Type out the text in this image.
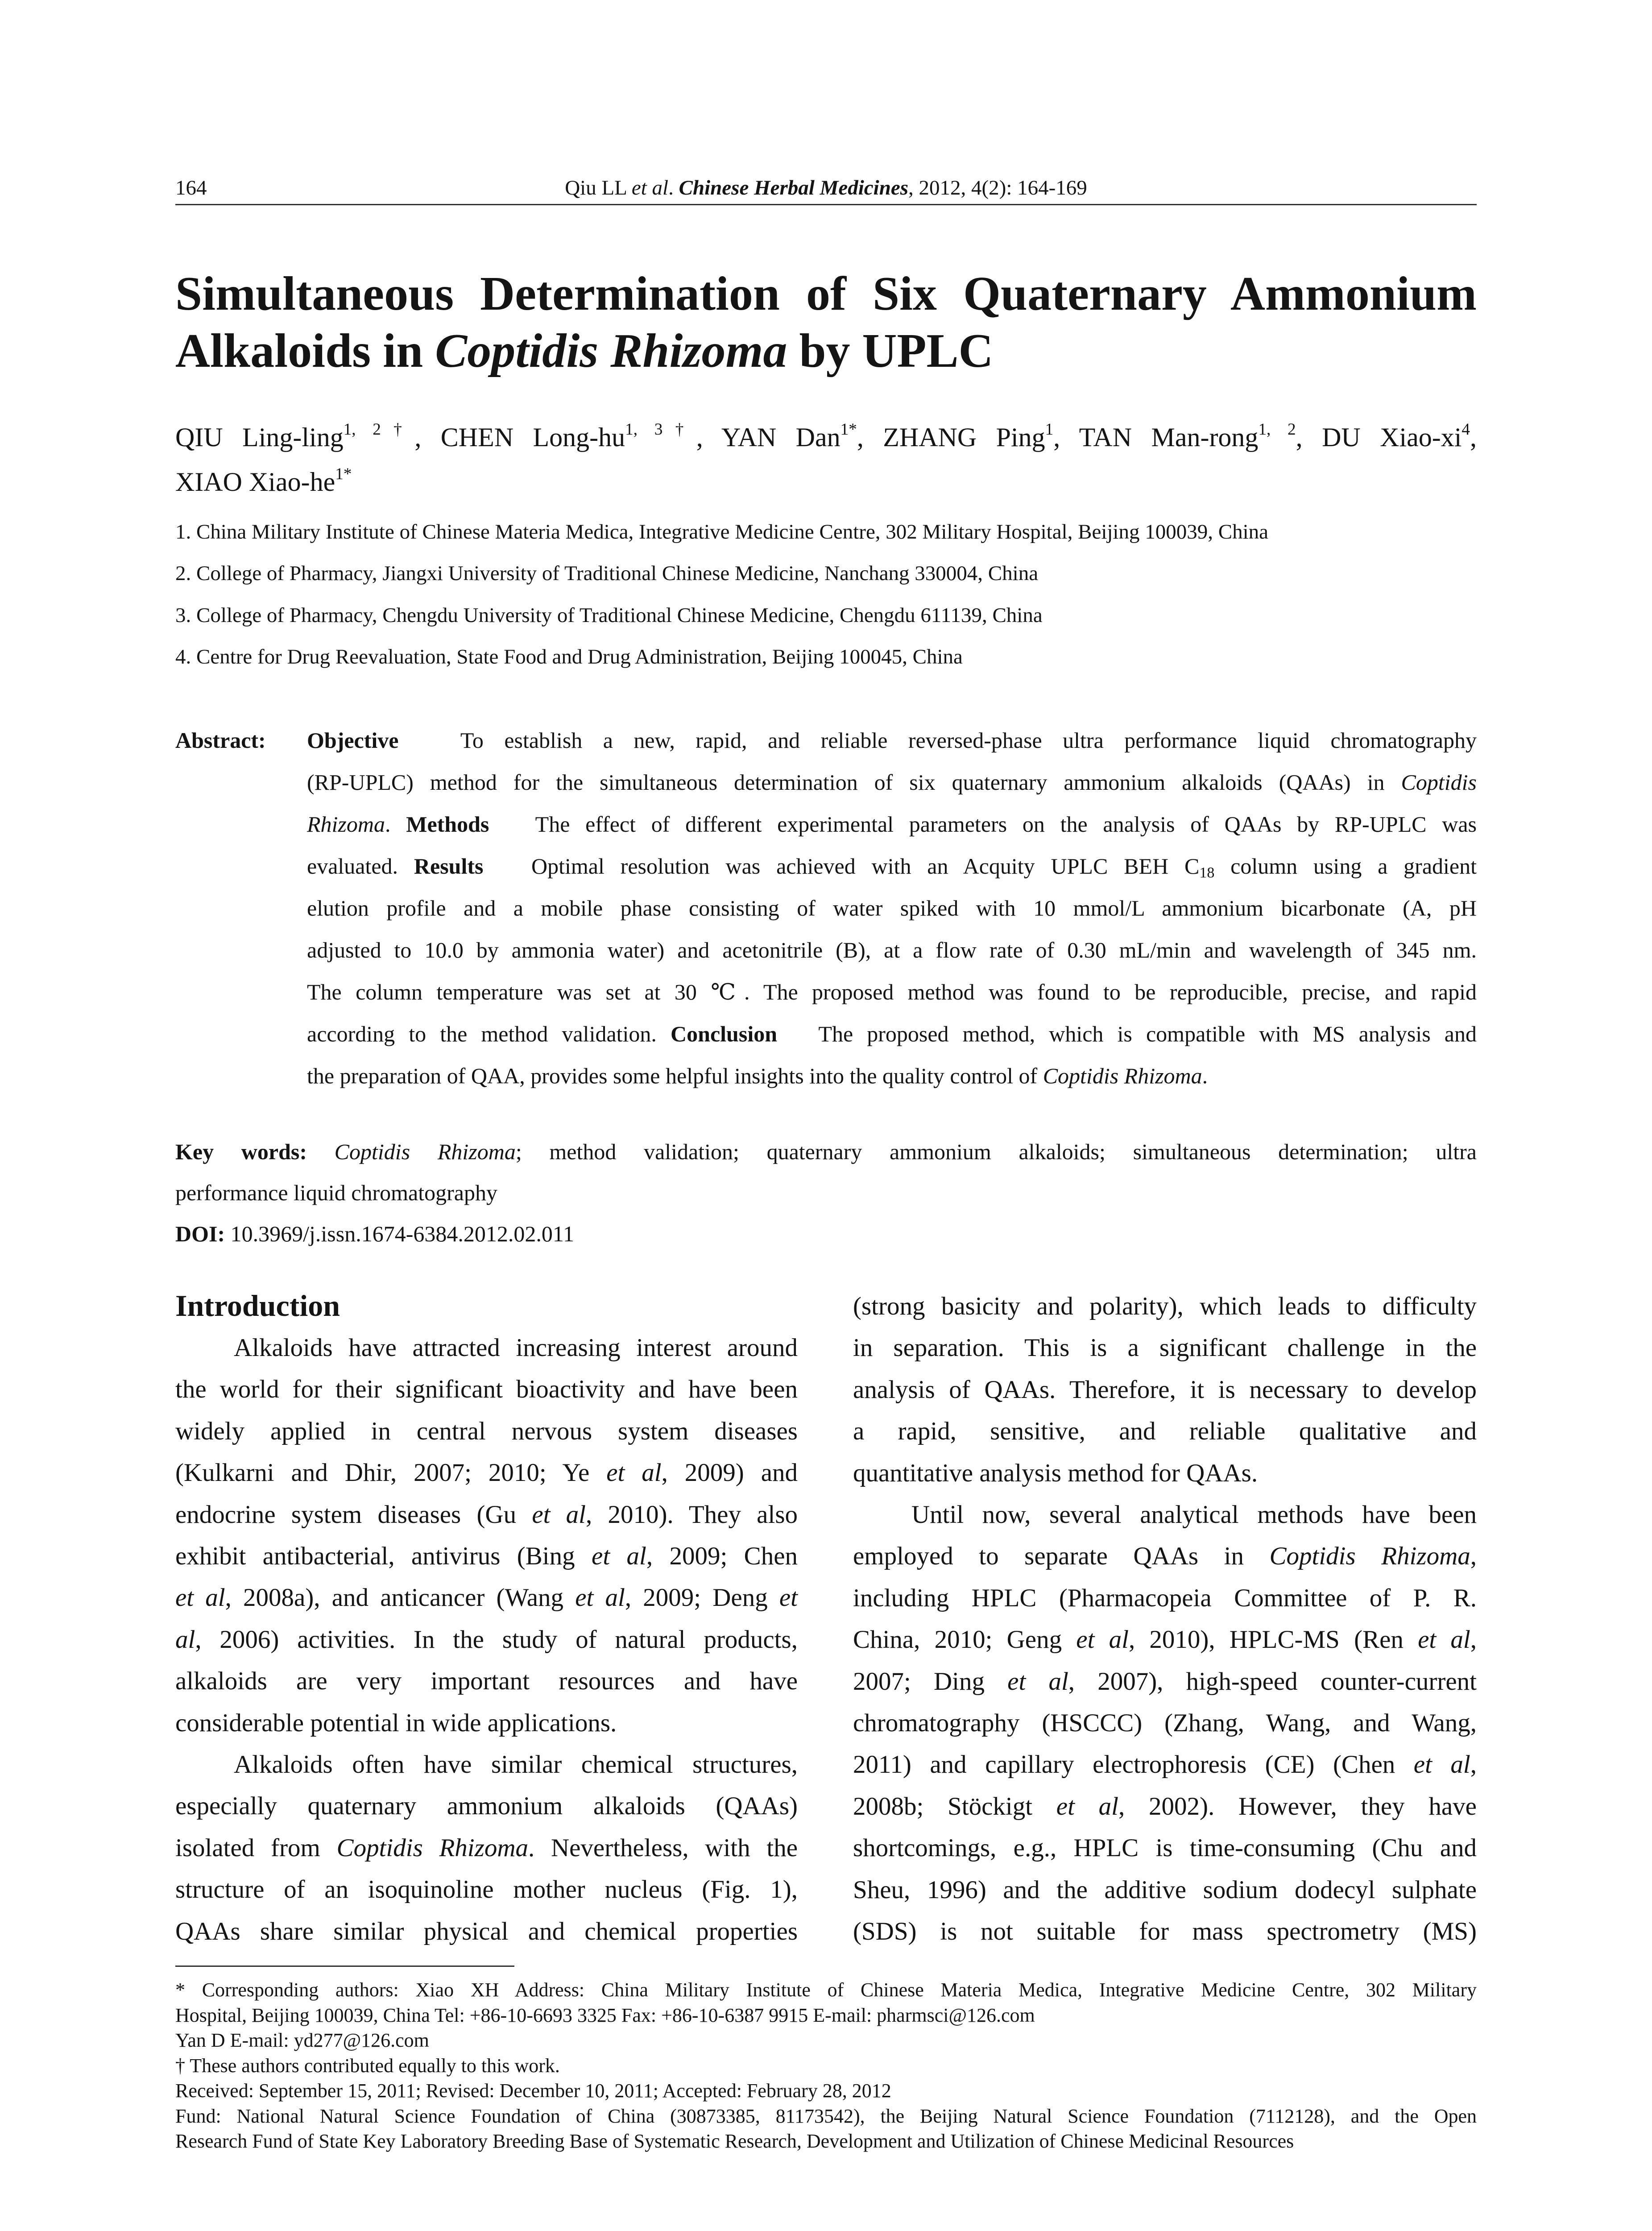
164	Qiu LL et al. Chinese Herbal Medicines, 2012, 4(2): 164-169
Simultaneous Determination of Six Quaternary Ammonium
Alkaloids in Coptidis Rhizoma by UPLC
QIU Ling-ling$^{1, 2\dagger}$, CHEN Long-$hu^{1, 3\dagger}$, YAN Dan$^{1*}$, ZHANG Ping$^1$, TAN Man-rong$^{1, 2}$, DU Xiao-$xi^4$,
XIAO Xiao-$he^{1*}$
1. China Military Institute of Chinese Materia Medica, Integrative Medicine Centre, 302 Military Hospital, Beijing 100039, China
2. College of Pharmacy, Jiangxi University of Traditional Chinese Medicine, Nanchang 330004, China
3. College of Pharmacy, Chengdu University of Traditional Chinese Medicine, Chengdu 611139, China
4. Centre for Drug Reevaluation, State Food and Drug Administration, Beijing 100045, China
Abstract: Objective	To establish a new, rapid, and reliable reversed-phase ultra performance liquid chromatography
(RP-UPLC) method for the simultaneous determination of six quaternary ammonium alkaloids (QAAs) in Coptidis
Rhizoma. Methods The effect of different experimental parameters on the analysis of QAAs by RP-UPLC was
evaluated. Results Optimal resolution was achieved with an Acquity UPLC BEH $C_{18}$ column using a gradient
elution profile and a mobile phase consisting of water spiked with 10 mmol/L ammonium bicarbonate (A, pH
adjusted to 10.0 by ammonia water) and acetonitrile (B), at a flow rate of 0.30 mL/min and wavelength of 345 nm.
The column temperature was set at 30 ℃. The proposed method was found to be reproducible, precise, and rapid
according to the method validation. Conclusion The proposed method, which is compatible with MS analysis and
the preparation of QAA, provides some helpful insights into the quality control of Coptidis Rhizoma.
Key words: Coptidis Rhizoma; method validation; quaternary ammonium alkaloids; simultaneous determination; ultra
performance liquid chromatography
DOI: 10.3969/j.issn.1674-6384.2012.02.011
Introduction
Alkaloids have attracted increasing interest around
the world for their significant bioactivity and have been
widely applied in central nervous system diseases
(Kulkarni and Dhir, 2007; 2010; Ye et al, 2009) and
endocrine system diseases (Gu et al, 2010). They also
exhibit antibacterial, antivirus (Bing et al, 2009; Chen
et al, 2008a), and anticancer (Wang et al, 2009; Deng et
al, 2006) activities. In the study of natural products,
alkaloids are very important resources and have
considerable potential in wide applications.
Alkaloids often have similar chemical structures,
especially quaternary ammonium alkaloids (QAAs)
isolated from Coptidis Rhizoma. Nevertheless, with the
structure of an isoquinoline mother nucleus (Fig. 1),
QAAs share similar physical and chemical properties
(strong basicity and polarity), which leads to difficulty
in separation. This is a significant challenge in the
analysis of QAAs. Therefore, it is necessary to develop
a rapid, sensitive, and reliable qualitative and
quantitative analysis method for QAAs.
Until now, several analytical methods have been
employed to separate QAAs in Coptidis Rhizoma,
including HPLC (Pharmacopeia Committee of P. R.
China, 2010; Geng et al, 2010), HPLC-MS (Ren et al,
2007; Ding et al, 2007), high-speed counter-current
chromatography (HSCCC) (Zhang, Wang, and Wang,
2011) and capillary electrophoresis (CE) (Chen et al,
2008b; Stöckigt et al, 2002). However, they have
shortcomings, e.g., HPLC is time-consuming (Chu and
Sheu, 1996) and the additive sodium dodecyl sulphate
(SDS) is not suitable for mass spectrometry (MS)
* Corresponding authors: Xiao XH Address: China Military Institute of Chinese Materia Medica, Integrative Medicine Centre, 302 Military
Hospital, Beijing 100039, China Tel: +86-10-6693 3325 Fax: +86-10-6387 9915 E-mail: pharmsci@126.com
Yan D E-mail: yd277@126.com
† These authors contributed equally to this work.
Received: September 15, 2011; Revised: December 10, 2011; Accepted: February 28, 2012
Fund: National Natural Science Foundation of China (30873385, 81173542), the Beijing Natural Science Foundation (7112128), and the Open
Research Fund of State Key Laboratory Breeding Base of Systematic Research, Development and Utilization of Chinese Medicinal Resources
